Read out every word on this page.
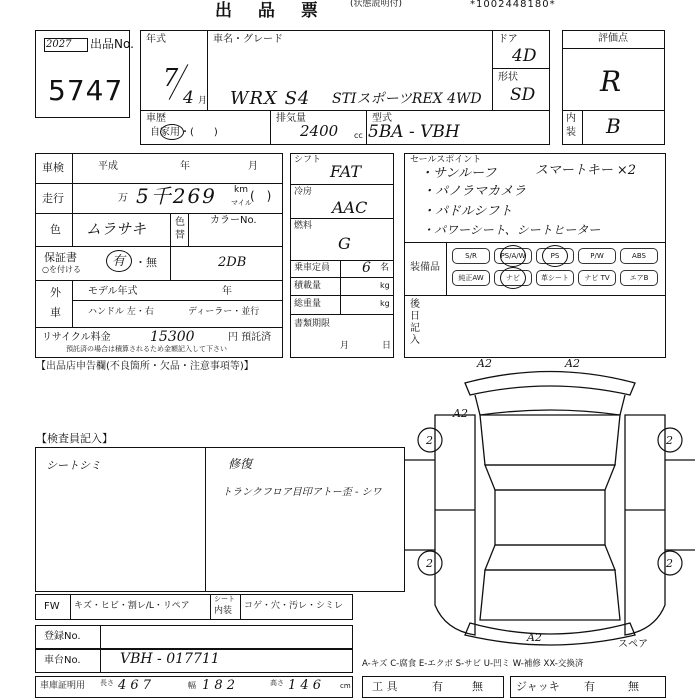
出 品 票 (状態説明付)	*1002448180*
2027 出品No.
5747
年式
7
4 月
車名・グレード
WRX S4 STIスポーツREX 4WD
ドア
4D
形状
SD
車歴
自家用・(　　)
排気量
2400 cc
型式
5BA - VBH
評価点
R
内
装 B
車検	平成	年	月
走行	万 5千269 km
マイル
(　)
色 ムラサキ	色
替
カラーNo.
保証書
○を付ける
有 ・無	2DB
外
車
モデル年式	年
ハンドル 左・右	ディーラー・並行
リサイクル料金	15300	円 預託済
預託済の場合は積算されるため金額記入して下さい
シフト
FAT
冷房
AAC
燃料
G
乗車定員 6 名
積載量	kg
総重量	kg
書類期限
月	日
セールスポイント
・サンルーフ	スマートキー ×2
・パノラマカメラ
・パドルシフト
・パワーシート、シートヒーター
装備品
S/R	PS/A/W	PS	P/W	ABS
純正AW	ナビ	革シート	ナビ TV	エアB
後
日
記
入
【出品店申告欄(不良箇所・欠品・注意事項等)】
【検査員記入】
シートシミ	修復
トランクフロア目印アトー歪 - シワ
A2	A2
A2
A2
2	2
2	2
スペア
FW キズ・ヒビ・割レ/L・リペア
シート
内装 コゲ・穴・汚レ・シミレ
登録No.
車台No.	VBH - 017711	A-キズ C-腐食 E-エクボ S-サビ U-凹ミ W-補修 XX-交換済
車庫証明用 長さ 4 6 7	幅 1 8 2	高さ 1 4 6	cm 工 具	有	無	ジャッキ 有	無
